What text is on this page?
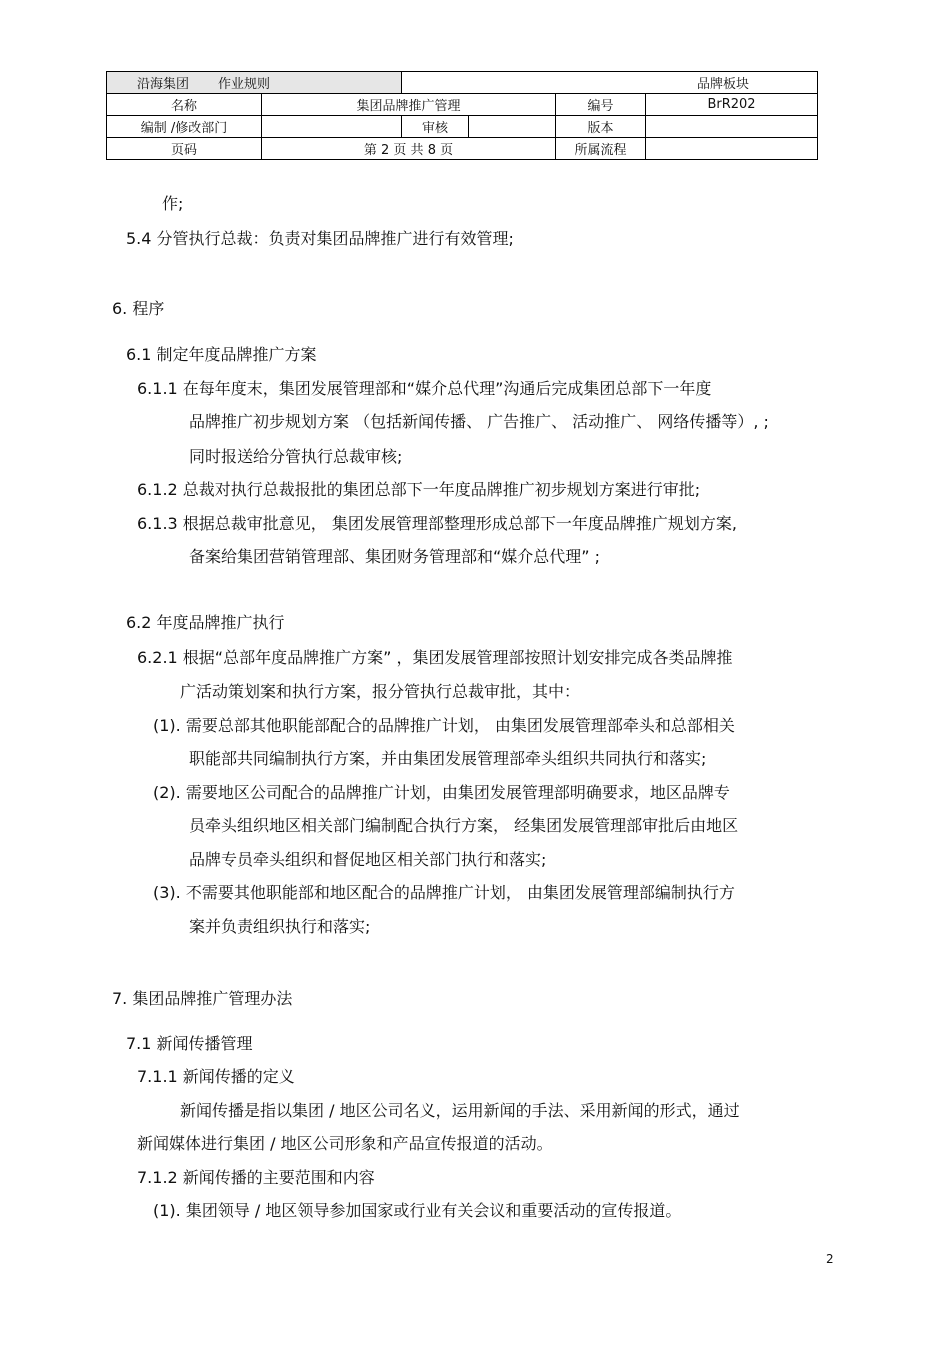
沿海集团 作业规则		品牌板块			
名称	集团品牌推广管理			编号	BrR202
编制 /修改部门		审核		版本	
页码	第 2 页 共 8 页			所属流程	
作;
5.4 分管执行总裁：负责对集团品牌推广进行有效管理;
6. 程序
6.1 制定年度品牌推广方案
6.1.1 在每年度末，集团发展管理部和“媒介总代理”沟通后完成集团总部下一年度
品牌推广初步规划方案 （包括新闻传播、 广告推广、 活动推广、 网络传播等）, ;
同时报送给分管执行总裁审核;
6.1.2 总裁对执行总裁报批的集团总部下一年度品牌推广初步规划方案进行审批;
6.1.3 根据总裁审批意见， 集团发展管理部整理形成总部下一年度品牌推广规划方案,
备案给集团营销管理部、集团财务管理部和“媒介总代理” ;
6.2 年度品牌推广执行
6.2.1 根据“总部年度品牌推广方案” ，集团发展管理部按照计划安排完成各类品牌推
广活动策划案和执行方案，报分管执行总裁审批，其中：
(1). 需要总部其他职能部配合的品牌推广计划， 由集团发展管理部牵头和总部相关
职能部共同编制执行方案，并由集团发展管理部牵头组织共同执行和落实;
(2). 需要地区公司配合的品牌推广计划，由集团发展管理部明确要求，地区品牌专
员牵头组织地区相关部门编制配合执行方案， 经集团发展管理部审批后由地区
品牌专员牵头组织和督促地区相关部门执行和落实;
(3). 不需要其他职能部和地区配合的品牌推广计划， 由集团发展管理部编制执行方
案并负责组织执行和落实;
7. 集团品牌推广管理办法
7.1 新闻传播管理
7.1.1 新闻传播的定义
新闻传播是指以集团 / 地区公司名义，运用新闻的手法、采用新闻的形式，通过
新闻媒体进行集团 / 地区公司形象和产品宣传报道的活动。
7.1.2 新闻传播的主要范围和内容
(1). 集团领导 / 地区领导参加国家或行业有关会议和重要活动的宣传报道。
2
